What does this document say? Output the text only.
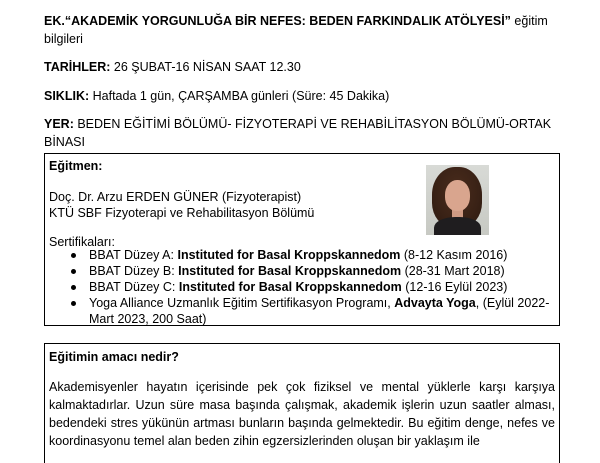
EK.“AKADEMİK YORGUNLUĞA BİR NEFES: BEDEN FARKINDALIK ATÖLYESİ” eğitim bilgileri

TARİHLER: 26 ŞUBAT-16 NİSAN SAAT 12.30

SIKLIK: Haftada 1 gün, ÇARŞAMBA günleri (Süre: 45 Dakika)

YER: BEDEN EĞİTİMİ BÖLÜMÜ- FİZYOTERAPİ VE REHABİLİTASYON BÖLÜMÜ-ORTAK BİNASI

Eğitmen:

Doç. Dr. Arzu ERDEN GÜNER (Fizyoterapist)

KTÜ SBF Fizyoterapi ve Rehabilitasyon Bölümü

Sertifikaları:

BBAT Düzey A: Instituted for Basal Kroppskannedom (8-12 Kasım 2016)
BBAT Düzey B: Instituted for Basal Kroppskannedom (28-31 Mart 2018)
BBAT Düzey C: Instituted for Basal Kroppskannedom (12-16 Eylül 2023)
Yoga Alliance Uzmanlık Eğitim Sertifikasyon Programı, Advayta Yoga, (Eylül 2022-Mart 2023, 200 Saat)

Eğitimin amacı nedir?

Akademisyenler hayatın içerisinde pek çok fiziksel ve mental yüklerle karşı karşıya kalmaktadırlar. Uzun süre masa başında çalışmak, akademik işlerin uzun saatler alması, bedendeki stres yükünün artması bunların başında gelmektedir. Bu eğitim denge, nefes ve koordinasyonu temel alan beden zihin egzersizlerinden oluşan bir yaklaşım ile
